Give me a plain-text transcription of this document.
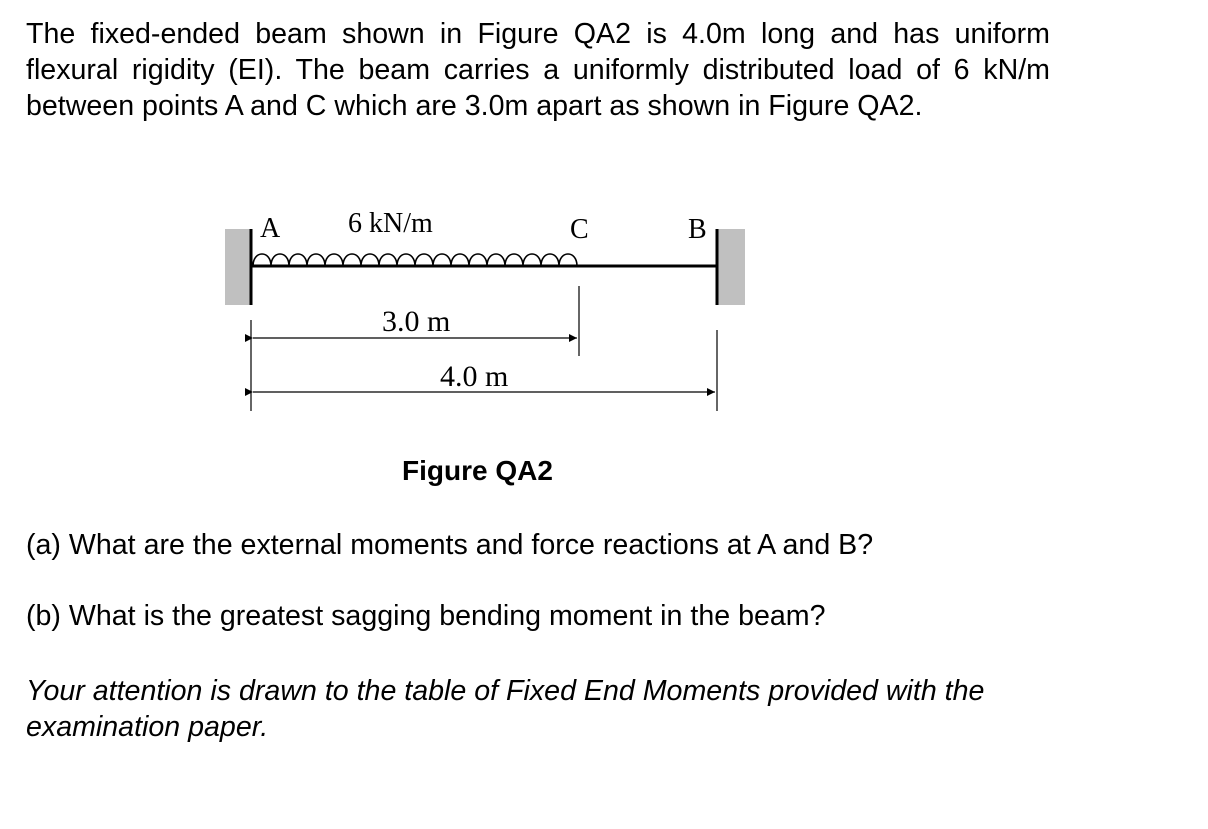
The fixed-ended beam shown in Figure QA2 is 4.0m long and has uniform flexural rigidity (EI). The beam carries a uniformly distributed load of 6 kN/m between points A and C which are 3.0m apart as shown in Figure QA2.

A 6 kN/m	C	B
3.0 m
4.0 m

Figure QA2

(a) What are the external moments and force reactions at A and B?

(b) What is the greatest sagging bending moment in the beam?

Your attention is drawn to the table of Fixed End Moments provided with the examination paper.
